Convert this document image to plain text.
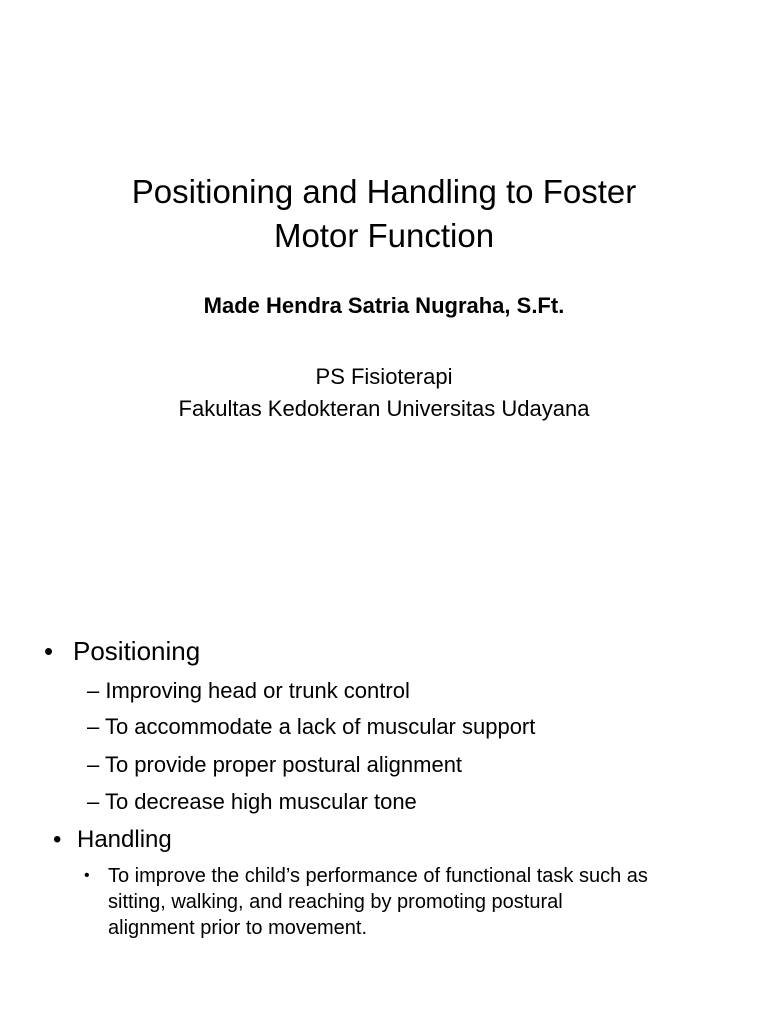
Positioning and Handling to Foster
Motor Function

Made Hendra Satria Nugraha, S.Ft.

PS Fisioterapi
Fakultas Kedokteran Universitas Udayana

• Positioning
– Improving head or trunk control
– To accommodate a lack of muscular support
– To provide proper postural alignment
– To decrease high muscular tone
• Handling
• To improve the child’s performance of functional task such as
sitting, walking, and reaching by promoting postural
alignment prior to movement.
